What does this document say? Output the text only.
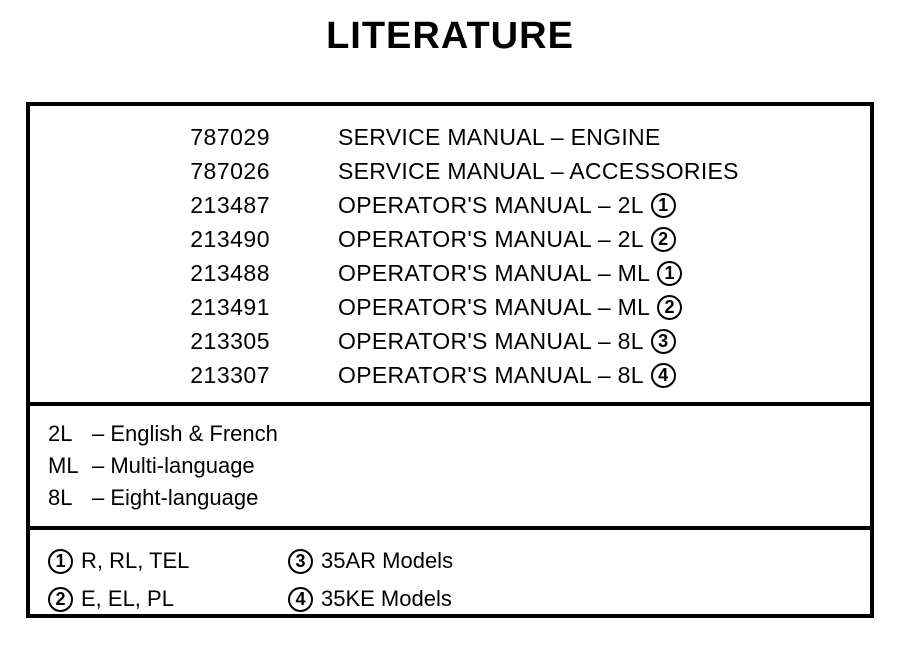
LITERATURE
787029	SERVICE MANUAL – ENGINE
787026	SERVICE MANUAL – ACCESSORIES
213487	OPERATOR'S MANUAL – 2L 1
213490	OPERATOR'S MANUAL – 2L 2
213488	OPERATOR'S MANUAL – ML 1
213491	OPERATOR'S MANUAL – ML 2
213305	OPERATOR'S MANUAL – 8L 3
213307	OPERATOR'S MANUAL – 8L 4
2L – English & French
ML – Multi-language
8L – Eight-language
1 R, RL, TEL	3 35AR Models
2 E, EL, PL	4 35KE Models
